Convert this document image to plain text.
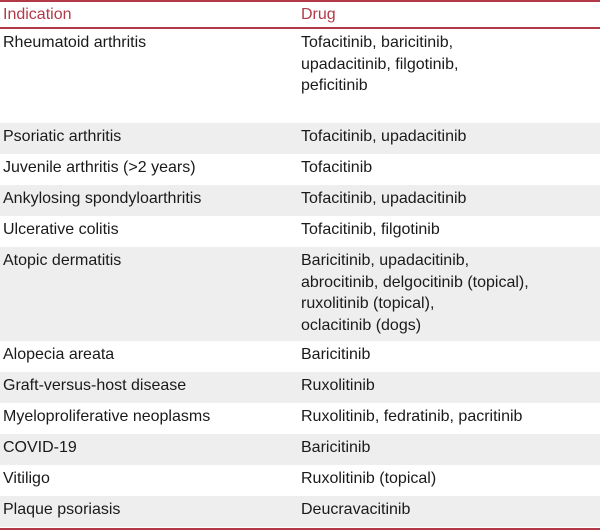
Indication	Drug
Rheumatoid arthritis	Tofacitinib, baricitinib,
upadacitinib, filgotinib,
peficitinib
Psoriatic arthritis	Tofacitinib, upadacitinib
Juvenile arthritis (>2 years)	Tofacitinib
Ankylosing spondyloarthritis	Tofacitinib, upadacitinib
Ulcerative colitis	Tofacitinib, filgotinib
Atopic dermatitis	Baricitinib, upadacitinib,
abrocitinib, delgocitinib (topical),
ruxolitinib (topical),
oclacitinib (dogs)
Alopecia areata	Baricitinib
Graft-versus-host disease	Ruxolitinib
Myeloproliferative neoplasms	Ruxolitinib, fedratinib, pacritinib
COVID-19	Baricitinib
Vitiligo	Ruxolitinib (topical)
Plaque psoriasis	Deucravacitinib
